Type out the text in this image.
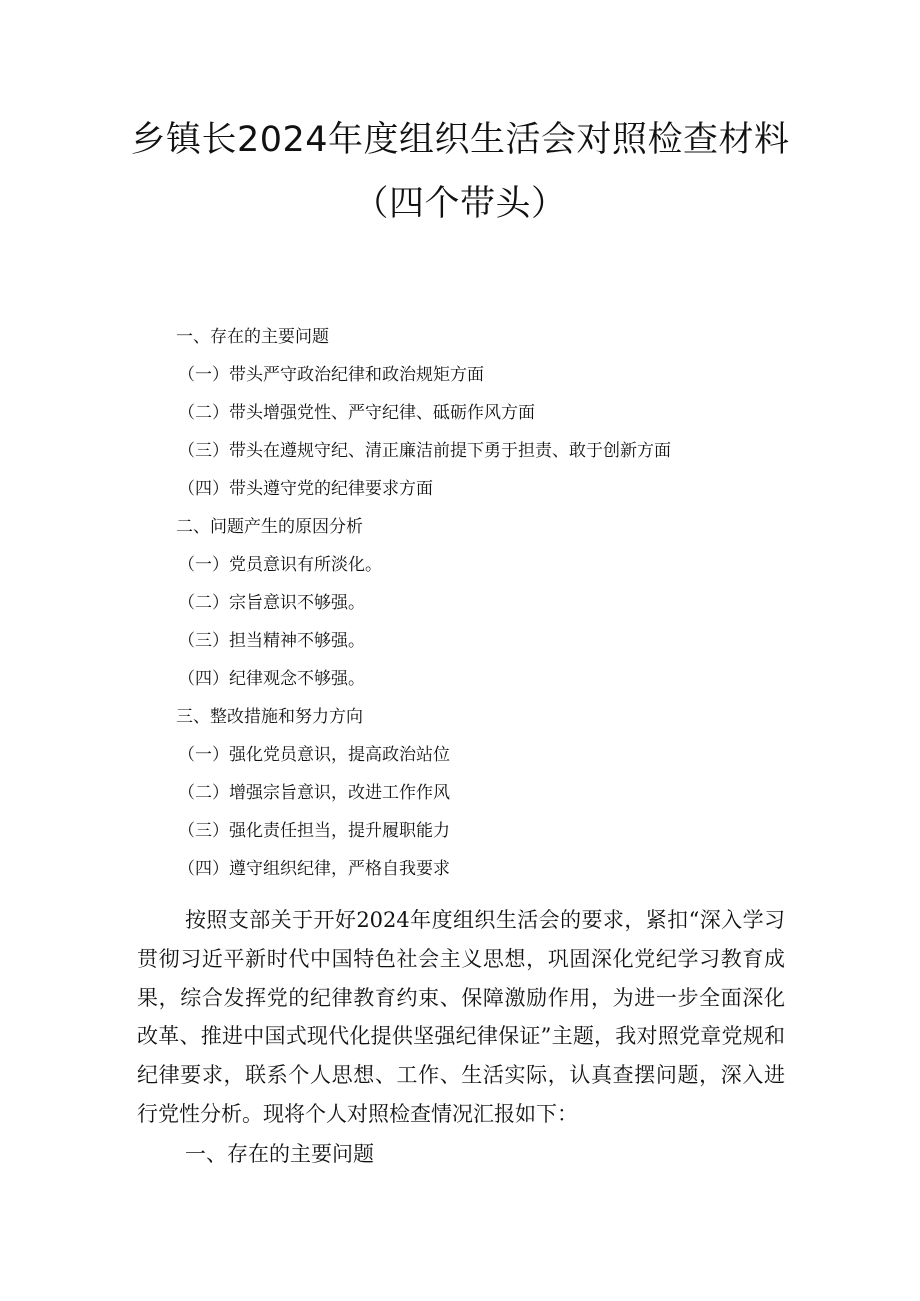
乡镇长2024年度组织生活会对照检查材料
（四个带头）
一、存在的主要问题
（一）带头严守政治纪律和政治规矩方面
（二）带头增强党性、严守纪律、砥砺作风方面
（三）带头在遵规守纪、清正廉洁前提下勇于担责、敢于创新方面
（四）带头遵守党的纪律要求方面
二、问题产生的原因分析
（一）党员意识有所淡化。
（二）宗旨意识不够强。
（三）担当精神不够强。
（四）纪律观念不够强。
三、整改措施和努力方向
（一）强化党员意识，提高政治站位
（二）增强宗旨意识，改进工作作风
（三）强化责任担当，提升履职能力
（四）遵守组织纪律，严格自我要求

按照支部关于开好2024年度组织生活会的要求，紧扣“深入学习贯彻习近平新时代中国特色社会主义思想，巩固深化党纪学习教育成果，综合发挥党的纪律教育约束、保障激励作用，为进一步全面深化改革、推进中国式现代化提供坚强纪律保证”主题，我对照党章党规和纪律要求，联系个人思想、工作、生活实际，认真查摆问题，深入进行党性分析。现将个人对照检查情况汇报如下：

一、存在的主要问题
